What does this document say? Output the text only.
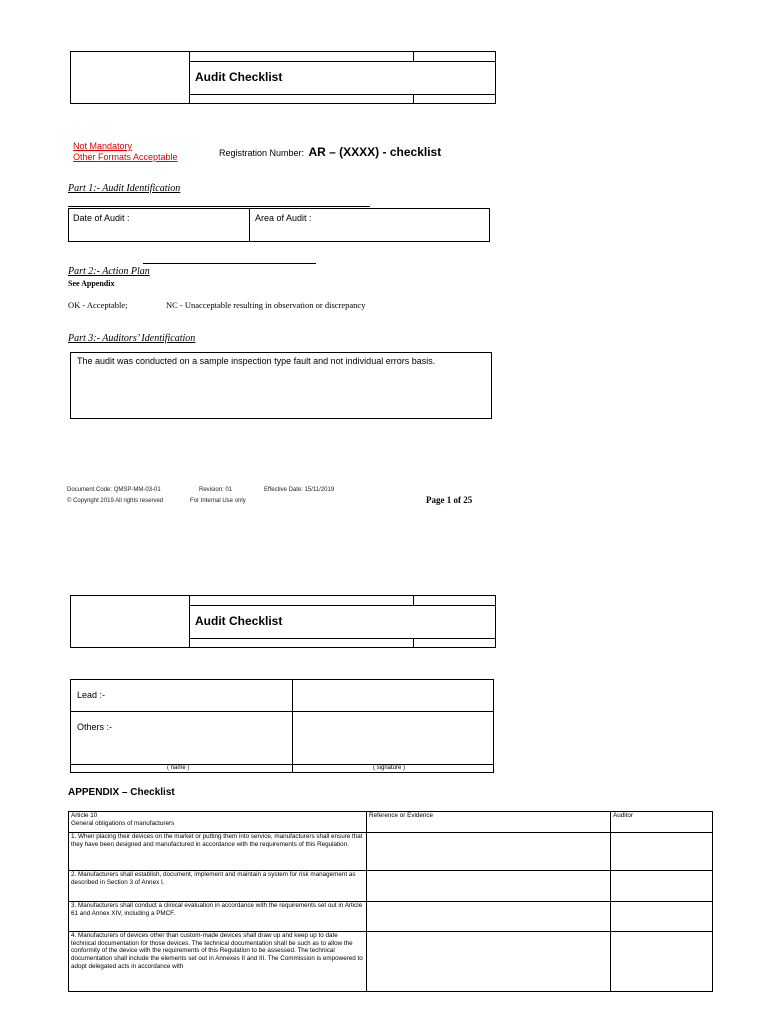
Audit Checklist
Not Mandatory
Other Formats Acceptable	Registration Number: AR – (XXXX) - checklist
Part 1:- Audit Identification
Date of Audit :	Area of Audit :
Part 2:- Action Plan
See Appendix
OK - Acceptable;	NC - Unacceptable resulting in observation or discrepancy
Part 3:- Auditors’ Identification
The audit was conducted on a sample inspection type fault and not individual errors basis.
Document Code: QMSP-MM-03-01	Revision: 01	Effective Date: 15/11/2019
© Copyright 2019 All rights reserved	For Internal Use only	Page 1 of 25
Audit Checklist
Lead :-
Others :-
( name )	( signature )
APPENDIX – Checklist
Article 10
General obligations of manufacturers	Reference or Evidence	Auditor
1. When placing their devices on the market or putting them into service, manufacturers shall ensure that they have been designed and manufactured in accordance with the requirements of this Regulation.		
2. Manufacturers shall establish, document, implement and maintain a system for risk management as described in Section 3 of Annex I.		
3. Manufacturers shall conduct a clinical evaluation in accordance with the requirements set out in Article 61 and Annex XIV, including a PMCF.		
4. Manufacturers of devices other than custom-made devices shall draw up and keep up to date technical documentation for those devices. The technical documentation shall be such as to allow the conformity of the device with the requirements of this Regulation to be assessed. The technical documentation shall include the elements set out in Annexes II and III. The Commission is empowered to adopt delegated acts in accordance with		
